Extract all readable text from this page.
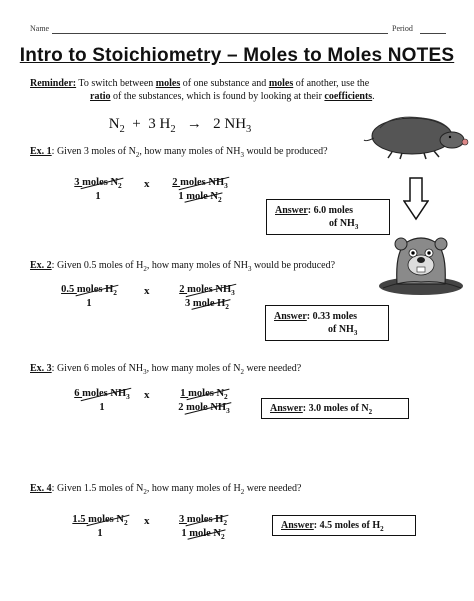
Name	Period
Intro to Stoichiometry – Moles to Moles NOTES
Reminder: To switch between moles of one substance and moles of another, use the
ratio of the substances, which is found by looking at their coefficients.
$N_2 + 3$ $H_2 \to 2$ $NH_3$
Ex. 1: Given 3 moles of $N_2$, how many moles of $NH_3$ would be produced?
3 moles $N_2$
1
x	2 moles $NH_3$
1 mole $N_2$
Answer: 6.0 moles
of $NH_3$
Ex. 2: Given 0.5 moles of $H_2$, how many moles of $NH_3$ would be produced?
0.5 moles $H_2$
1
x	2 moles $NH_3$
3 mole $H_2$
Answer: 0.33 moles
of $NH_3$
Ex. 3: Given 6 moles of $NH_3$, how many moles of $N_2$ were needed?
6 moles $NH_3$
1
x	1 moles $N_2$
2 mole $NH_3$	Answer: 3.0 moles of $N_2$
Ex. 4: Given 1.5 moles of $N_2$, how many moles of $H_2$ were needed?
1.5 moles $N_2$
1
x	3 moles $H_2$
1 mole $N_2$
Answer: 4.5 moles of $H_2$
